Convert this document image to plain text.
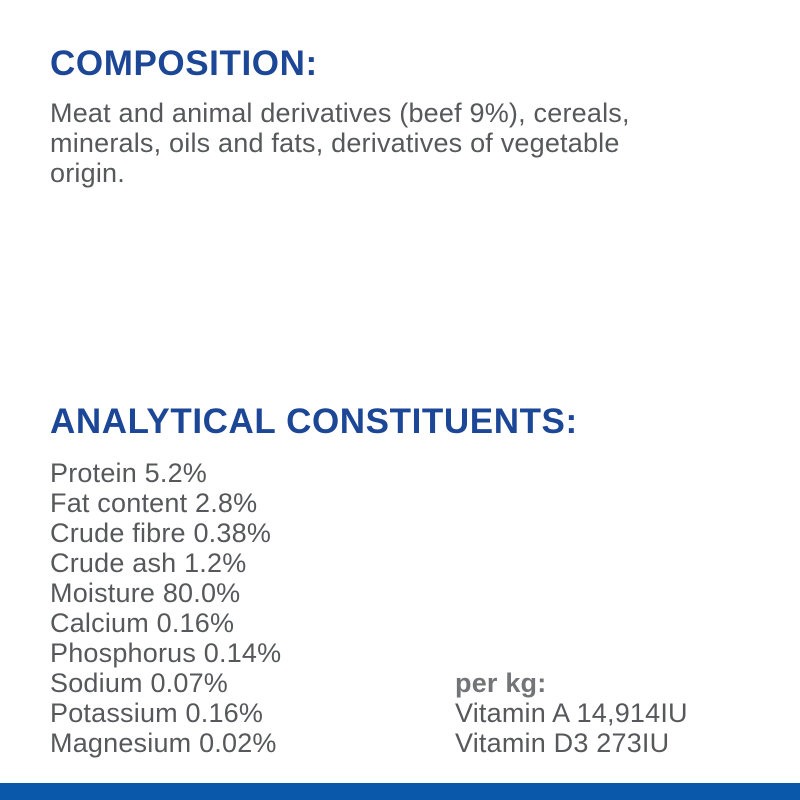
COMPOSITION:
Meat and animal derivatives (beef 9%), cereals,
minerals, oils and fats, derivatives of vegetable
origin.
ANALYTICAL CONSTITUENTS:
Protein 5.2%
Fat content 2.8%
Crude fibre 0.38%
Crude ash 1.2%
Moisture 80.0%
Calcium 0.16%
Phosphorus 0.14%
Sodium 0.07%
Potassium 0.16%
Magnesium 0.02%
per kg:
Vitamin A 14,914IU
Vitamin D3 273IU
